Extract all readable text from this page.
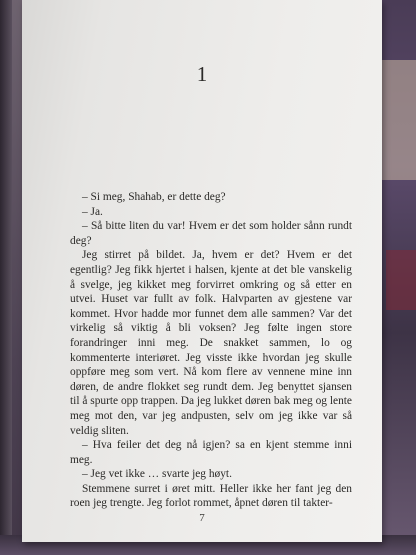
1

– Si meg, Shahab, er dette deg?

– Ja.

– Så bitte liten du var! Hvem er det som holder sånn rundt deg?

Jeg stirret på bildet. Ja, hvem er det? Hvem er det egentlig? Jeg fikk hjertet i halsen, kjente at det ble vanskelig å svelge, jeg kikket meg forvirret omkring og så etter en utvei. Huset var fullt av folk. Halvparten av gjestene var kommet. Hvor hadde mor funnet dem alle sammen? Var det virkelig så viktig å bli voksen? Jeg følte ingen store forandringer inni meg. De snakket sammen, lo og kommenterte interiøret. Jeg visste ikke hvordan jeg skulle oppføre meg som vert. Nå kom flere av vennene mine inn døren, de andre flokket seg rundt dem. Jeg benyttet sjansen til å spurte opp trappen. Da jeg lukket døren bak meg og lente meg mot den, var jeg andpusten, selv om jeg ikke var så veldig sliten.

– Hva feiler det deg nå igjen? sa en kjent stemme inni meg.

– Jeg vet ikke … svarte jeg høyt.

Stemmene surret i øret mitt. Heller ikke her fant jeg den roen jeg trengte. Jeg forlot rommet, åpnet døren til takter-

7
